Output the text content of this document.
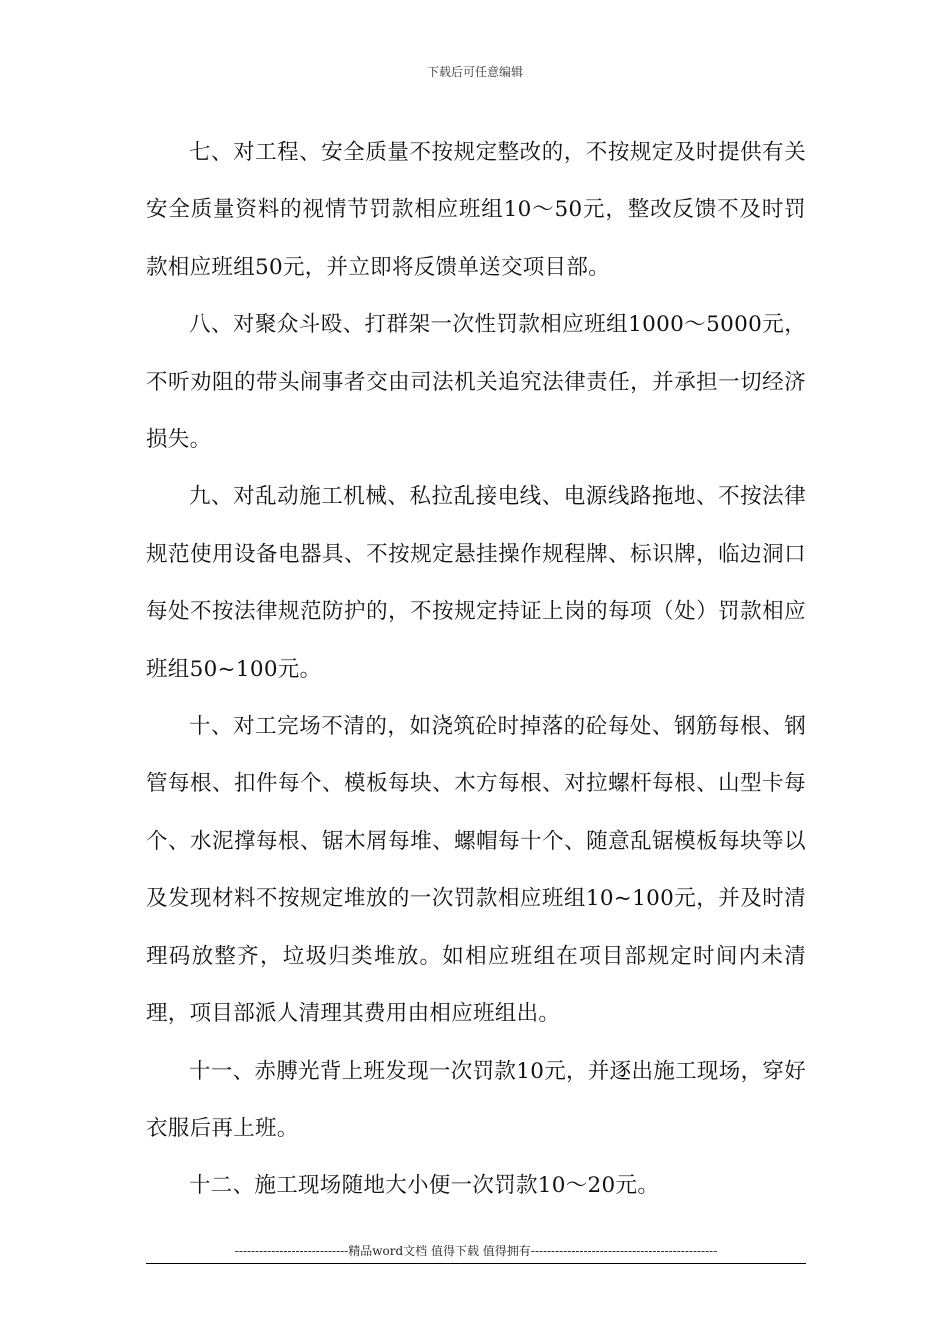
下载后可任意编辑

七、对工程、安全质量不按规定整改的，不按规定及时提供有关安全质量资料的视情节罚款相应班组10～50元，整改反馈不及时罚款相应班组50元，并立即将反馈单送交项目部。

八、对聚众斗殴、打群架一次性罚款相应班组1000～5000元，不听劝阻的带头闹事者交由司法机关追究法律责任，并承担一切经济损失。

九、对乱动施工机械、私拉乱接电线、电源线路拖地、不按法律规范使用设备电器具、不按规定悬挂操作规程牌、标识牌，临边洞口每处不按法律规范防护的，不按规定持证上岗的每项（处）罚款相应班组50~100元。

十、对工完场不清的，如浇筑砼时掉落的砼每处、钢筋每根、钢管每根、扣件每个、模板每块、木方每根、对拉螺杆每根、山型卡每个、水泥撑每根、锯木屑每堆、螺帽每十个、随意乱锯模板每块等以及发现材料不按规定堆放的一次罚款相应班组10~100元，并及时清理码放整齐，垃圾归类堆放。如相应班组在项目部规定时间内未清理，项目部派人清理其费用由相应班组出。

十一、赤膊光背上班发现一次罚款10元，并逐出施工现场，穿好衣服后再上班。

十二、施工现场随地大小便一次罚款10～20元。

----------------------------精品word文档 值得下载 值得拥有----------------------------------------------
